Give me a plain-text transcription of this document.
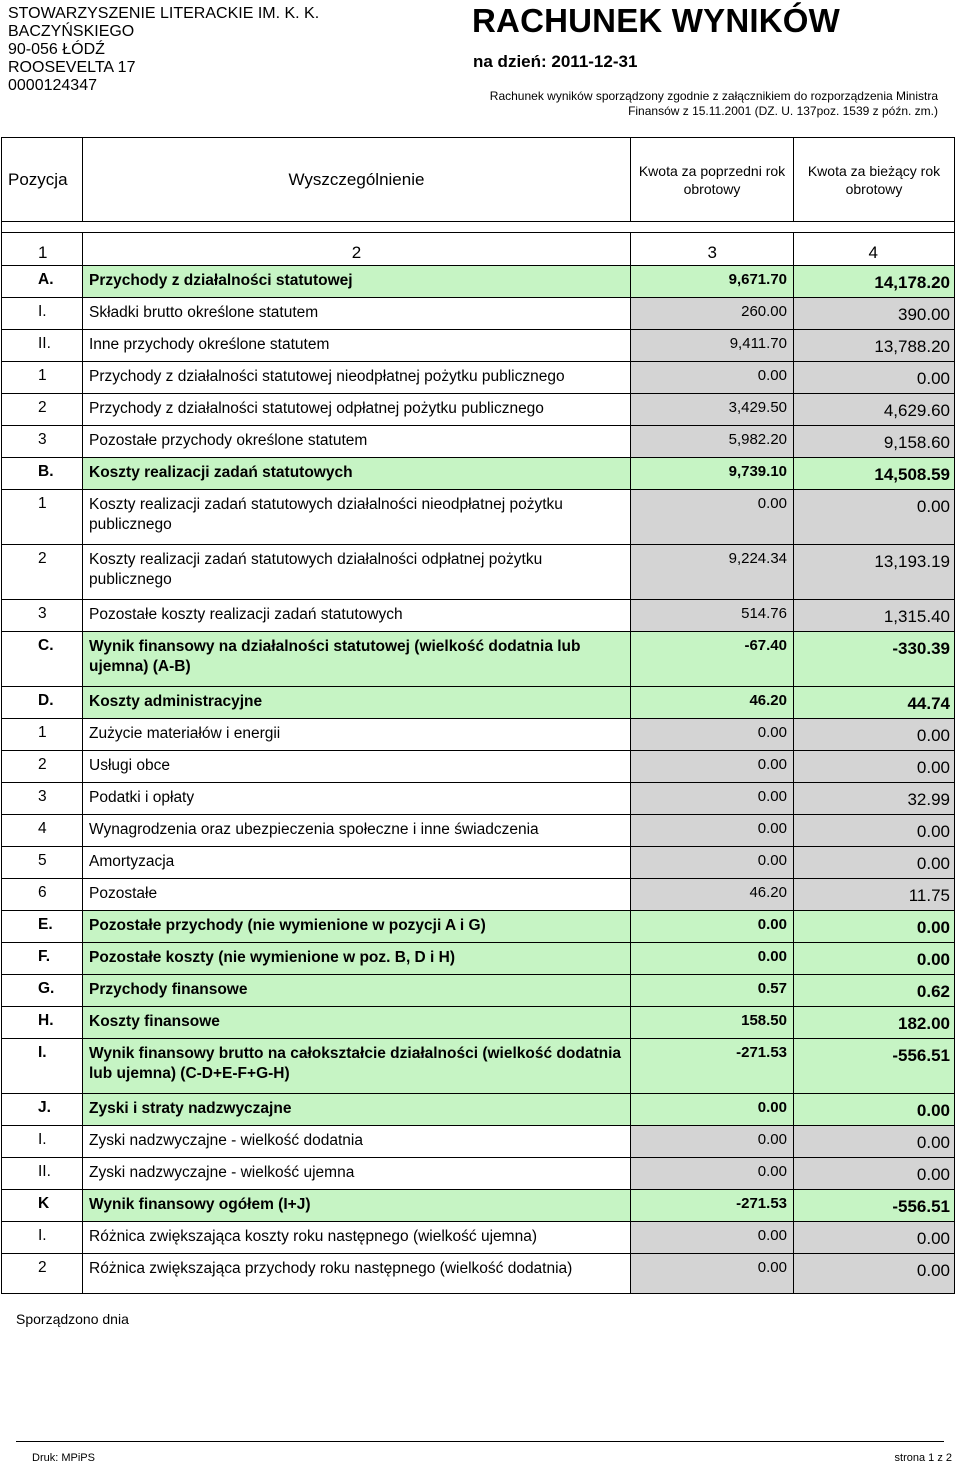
STOWARZYSZENIE LITERACKIE IM. K. K.
BACZYŃSKIEGO
90-056 ŁÓDŹ
ROOSEVELTA 17
0000124347
RACHUNEK WYNIKÓW
na dzień: 2011-12-31
Rachunek wyników sporządzony zgodnie z załącznikiem do rozporządzenia Ministra Finansów z 15.11.2001 (DZ. U. 137poz. 1539 z późn. zm.)
Pozycja	Wyszczególnienie	Kwota za poprzedni rok obrotowy	Kwota za bieżący rok obrotowy

1	2	3	4
A.	Przychody z działalności statutowej	9,671.70	14,178.20
I.	Składki brutto określone statutem	260.00	390.00
II.	Inne przychody określone statutem	9,411.70	13,788.20
1	Przychody z działalności statutowej nieodpłatnej pożytku publicznego	0.00	0.00
2	Przychody z działalności statutowej odpłatnej pożytku publicznego	3,429.50	4,629.60
3	Pozostałe przychody określone statutem	5,982.20	9,158.60
B.	Koszty realizacji zadań statutowych	9,739.10	14,508.59
1	Koszty realizacji zadań statutowych działalności nieodpłatnej pożytku publicznego	0.00	0.00
2	Koszty realizacji zadań statutowych działalności odpłatnej pożytku publicznego	9,224.34	13,193.19
3	Pozostałe koszty realizacji zadań statutowych	514.76	1,315.40
C.	Wynik finansowy na działalności statutowej (wielkość dodatnia lub ujemna) (A-B)	-67.40	-330.39
D.	Koszty administracyjne	46.20	44.74
1	Zużycie materiałów i energii	0.00	0.00
2	Usługi obce	0.00	0.00
3	Podatki i opłaty	0.00	32.99
4	Wynagrodzenia oraz ubezpieczenia społeczne i inne świadczenia	0.00	0.00
5	Amortyzacja	0.00	0.00
6	Pozostałe	46.20	11.75
E.	Pozostałe przychody (nie wymienione w pozycji A i G)	0.00	0.00
F.	Pozostałe koszty (nie wymienione w poz. B, D i H)	0.00	0.00
G.	Przychody finansowe	0.57	0.62
H.	Koszty finansowe	158.50	182.00
I.	Wynik finansowy brutto na całokształcie działalności (wielkość dodatnia lub ujemna) (C-D+E-F+G-H)	-271.53	-556.51
J.	Zyski i straty nadzwyczajne	0.00	0.00
I.	Zyski nadzwyczajne - wielkość dodatnia	0.00	0.00
II.	Zyski nadzwyczajne - wielkość ujemna	0.00	0.00
K	Wynik finansowy ogółem (I+J)	-271.53	-556.51
I.	Różnica zwiększająca koszty roku następnego (wielkość ujemna)	0.00	0.00
2	Różnica zwiększająca przychody roku następnego (wielkość dodatnia)	0.00	0.00
Sporządzono dnia
Druk: MPiPS	strona 1 z 2
